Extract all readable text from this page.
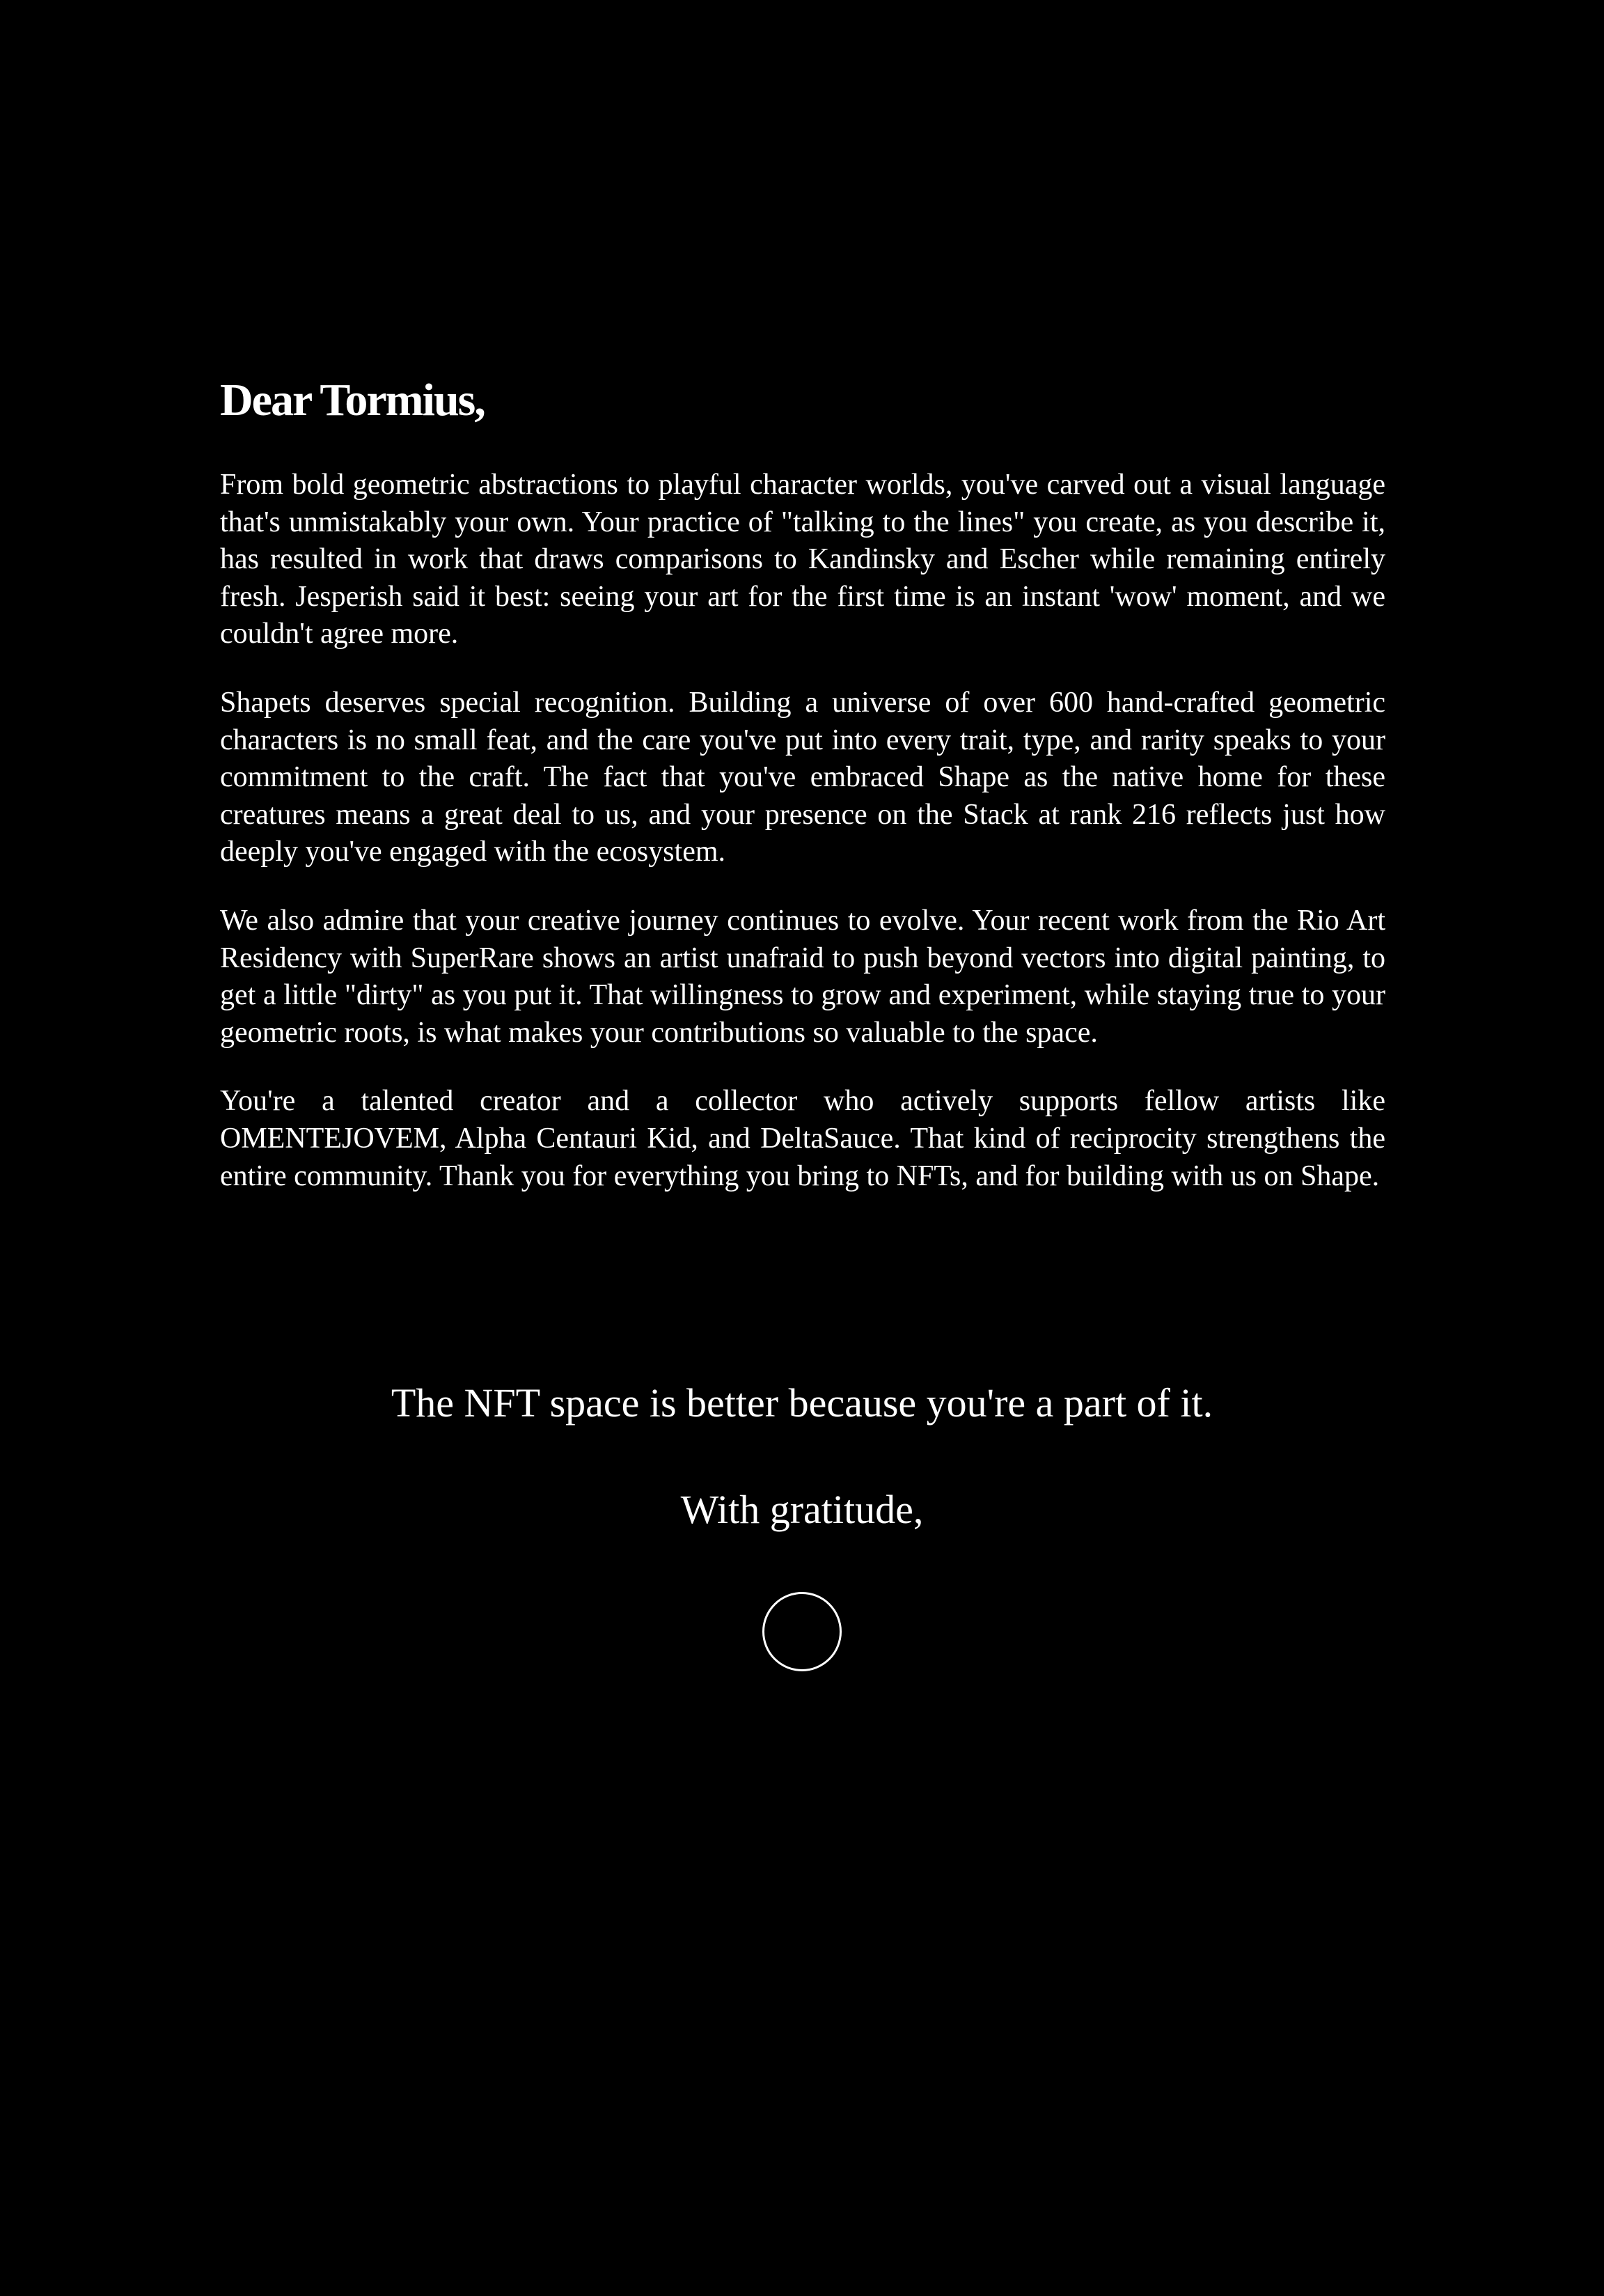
Dear Tormius,

From bold geometric abstractions to playful character worlds, you've carved out a visual language that's unmistakably your own. Your practice of "talking to the lines" you create, as you describe it, has resulted in work that draws comparisons to Kandinsky and Escher while remaining entirely fresh. Jesperish said it best: seeing your art for the first time is an instant 'wow' moment, and we couldn't agree more.

Shapets deserves special recognition. Building a universe of over 600 hand-crafted geometric characters is no small feat, and the care you've put into every trait, type, and rarity speaks to your commitment to the craft. The fact that you've embraced Shape as the native home for these creatures means a great deal to us, and your presence on the Stack at rank 216 reflects just how deeply you've engaged with the ecosystem.

We also admire that your creative journey continues to evolve. Your recent work from the Rio Art Residency with SuperRare shows an artist unafraid to push beyond vectors into digital painting, to get a little "dirty" as you put it. That willingness to grow and experiment, while staying true to your geometric roots, is what makes your contributions so valuable to the space.

You're a talented creator and a collector who actively supports fellow artists like OMENTEJOVEM, Alpha Centauri Kid, and DeltaSauce. That kind of reciprocity strengthens the entire community. Thank you for everything you bring to NFTs, and for building with us on Shape.

The NFT space is better because you're a part of it.
With gratitude,
